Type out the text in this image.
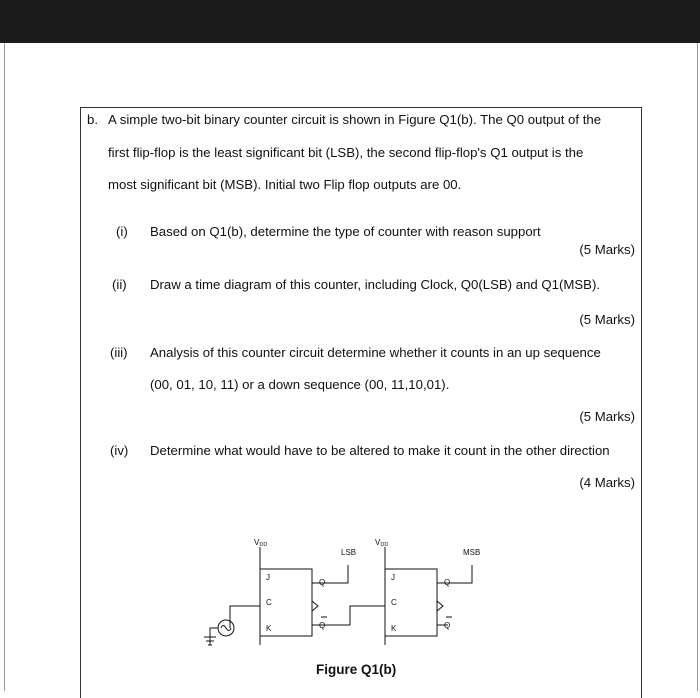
b. A simple two-bit binary counter circuit is shown in Figure Q1(b). The Q0 output of the
first flip-flop is the least significant bit (LSB), the second flip-flop's Q1 output is the
most significant bit (MSB). Initial two Flip flop outputs are 00.
(i) Based on Q1(b), determine the type of counter with reason support
(5 Marks)
(ii) Draw a time diagram of this counter, including Clock, Q0(LSB) and Q1(MSB).
(5 Marks)
(iii) Analysis of this counter circuit determine whether it counts in an up sequence
(00, 01, 10, 11) or a down sequence (00, 11,10,01).
(5 Marks)
(iv) Determine what would have to be altered to make it count in the other direction
(4 Marks)
VDD	VDD
LSB	MSB
J
C
K
Q
Q
J
C
K
Q
Q
Figure Q1(b)
